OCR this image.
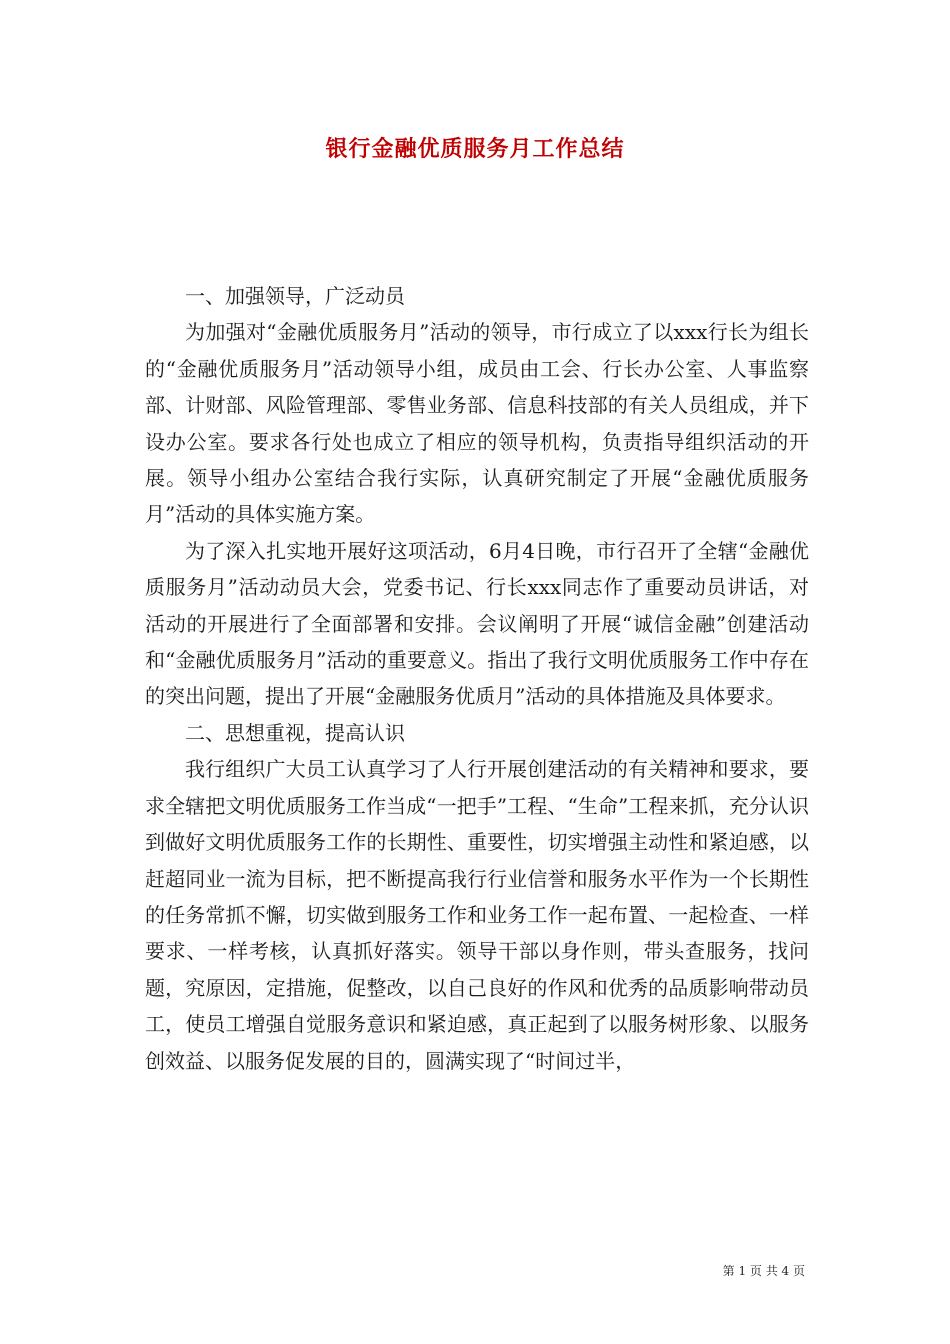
银行金融优质服务月工作总结

一、加强领导，广泛动员

为加强对“金融优质服务月”活动的领导，市行成立了以xxx行长为组长的“金融优质服务月”活动领导小组，成员由工会、行长办公室、人事监察部、计财部、风险管理部、零售业务部、信息科技部的有关人员组成，并下设办公室。要求各行处也成立了相应的领导机构，负责指导组织活动的开展。领导小组办公室结合我行实际，认真研究制定了开展“金融优质服务月”活动的具体实施方案。

为了深入扎实地开展好这项活动，6月4日晚，市行召开了全辖“金融优质服务月”活动动员大会，党委书记、行长xxx同志作了重要动员讲话，对活动的开展进行了全面部署和安排。会议阐明了开展“诚信金融”创建活动和“金融优质服务月”活动的重要意义。指出了我行文明优质服务工作中存在的突出问题，提出了开展“金融服务优质月”活动的具体措施及具体要求。

二、思想重视，提高认识

我行组织广大员工认真学习了人行开展创建活动的有关精神和要求，要求全辖把文明优质服务工作当成“一把手”工程、“生命”工程来抓，充分认识到做好文明优质服务工作的长期性、重要性，切实增强主动性和紧迫感，以赶超同业一流为目标，把不断提高我行行业信誉和服务水平作为一个长期性的任务常抓不懈，切实做到服务工作和业务工作一起布置、一起检查、一样要求、一样考核，认真抓好落实。领导干部以身作则，带头查服务，找问题，究原因，定措施，促整改，以自己良好的作风和优秀的品质影响带动员工，使员工增强自觉服务意识和紧迫感，真正起到了以服务树形象、以服务创效益、以服务促发展的目的，圆满实现了“时间过半，

第 1 页 共 4 页
